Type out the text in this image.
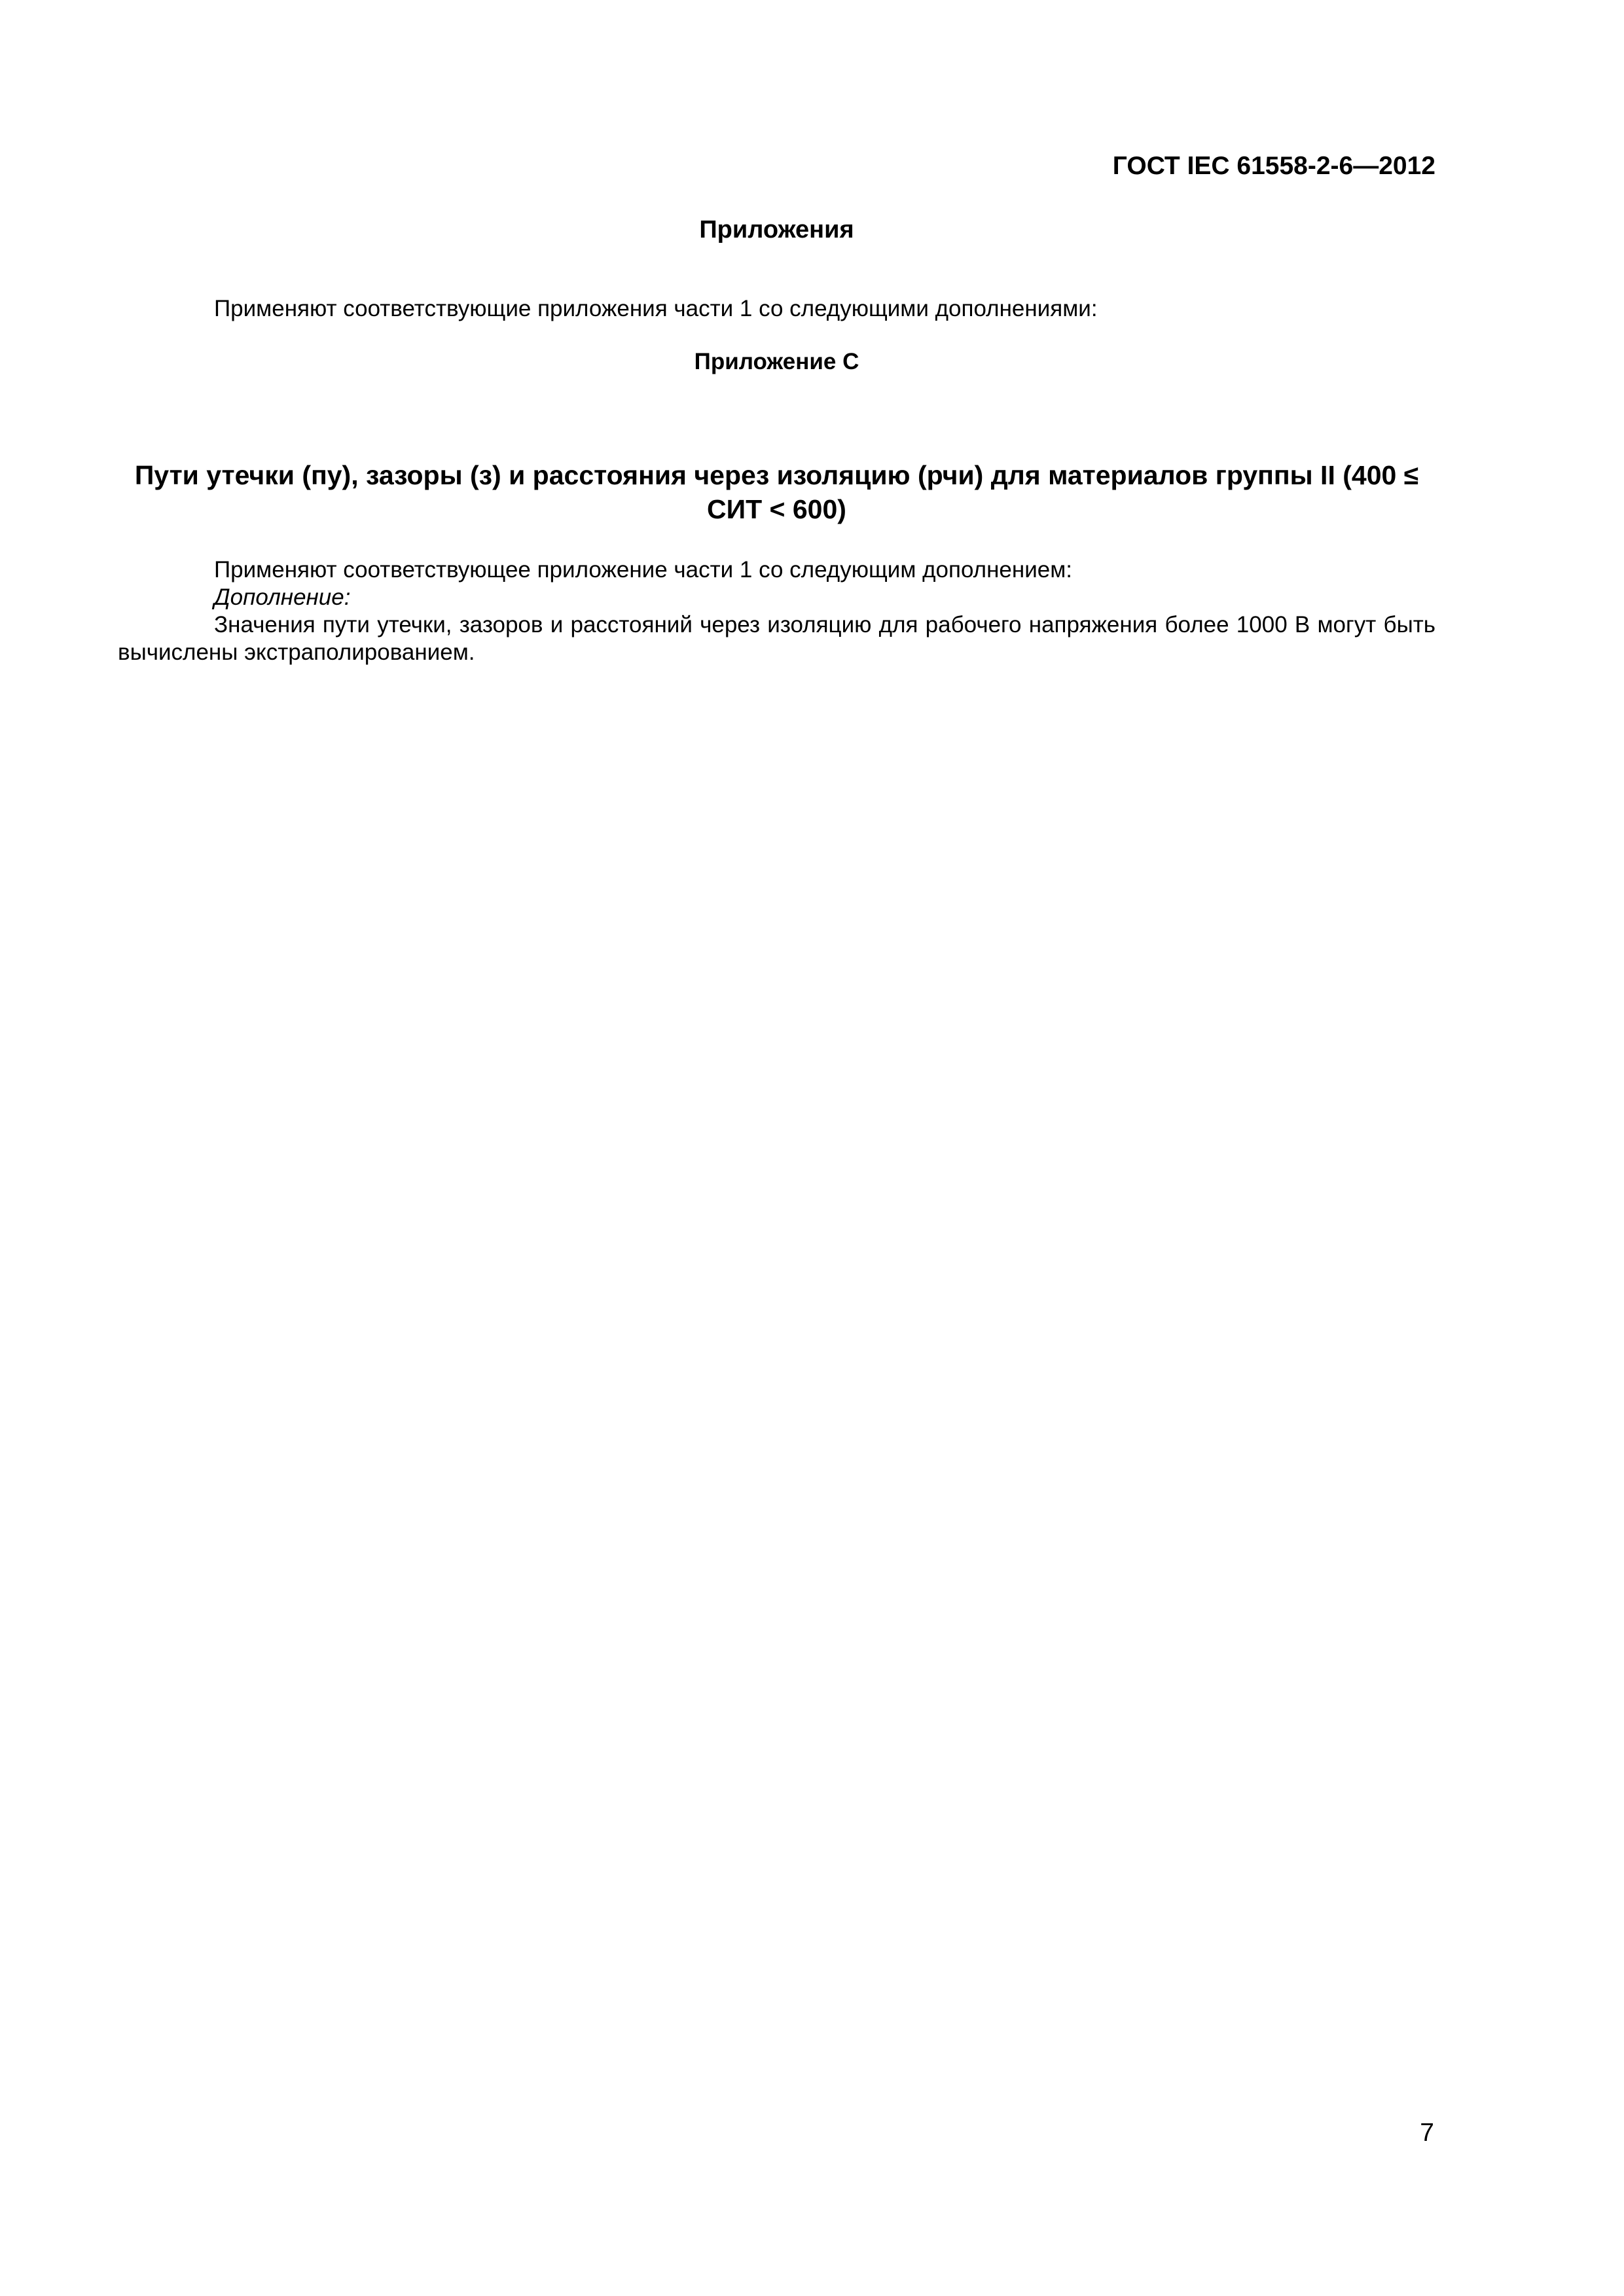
ГОСТ IEC 61558-2-6—2012
Приложения
Применяют соответствующие приложения части 1 со следующими дополнениями:
Приложение С
Пути утечки (пу), зазоры (з) и расстояния через изоляцию (рчи) для материалов группы II (400 ≤ СИТ < 600)

Применяют соответствующее приложение части 1 со следующим дополнением:

Дополнение:

Значения пути утечки, зазоров и расстояний через изоляцию для рабочего напряжения более 1000 В могут быть вычислены экстраполированием.

7
